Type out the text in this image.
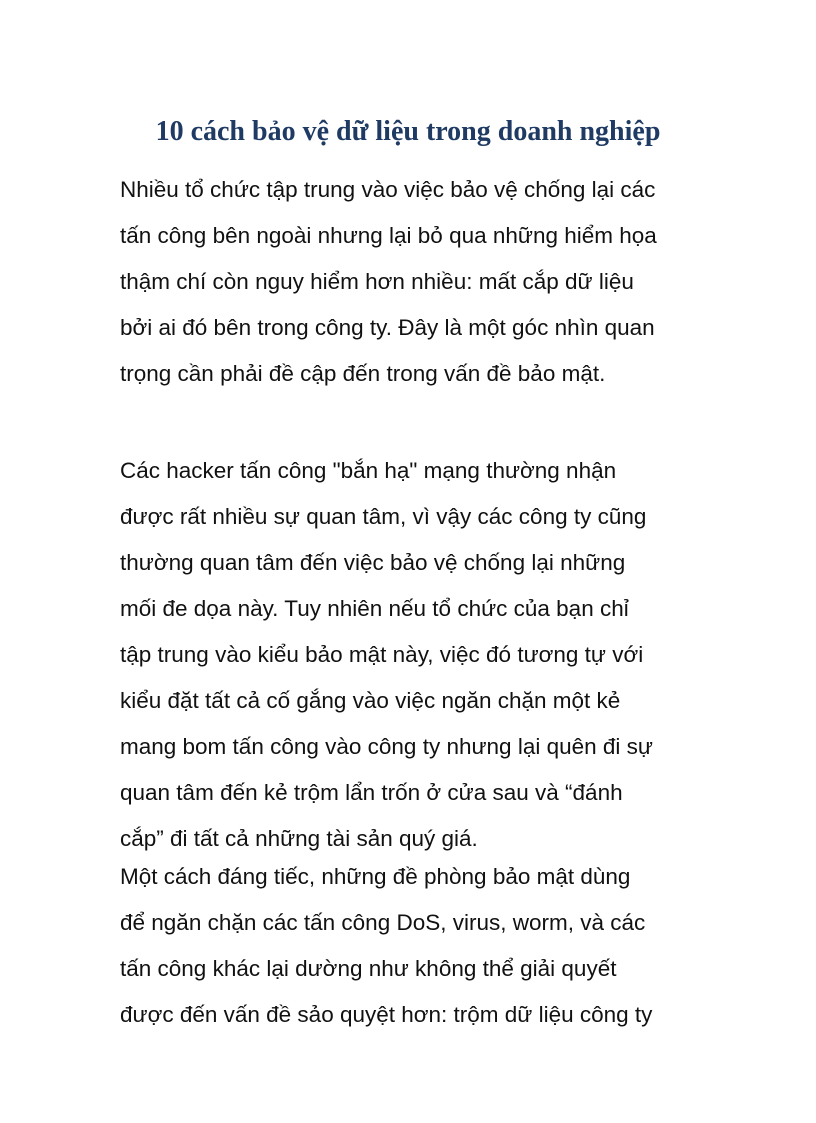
10 cách bảo vệ dữ liệu trong doanh nghiệp

Nhiều tổ chức tập trung vào việc bảo vệ chống lại các
tấn công bên ngoài nhưng lại bỏ qua những hiểm họa
thậm chí còn nguy hiểm hơn nhiều: mất cắp dữ liệu
bởi ai đó bên trong công ty. Đây là một góc nhìn quan
trọng cần phải đề cập đến trong vấn đề bảo mật.

Các hacker tấn công "bắn hạ" mạng thường nhận
được rất nhiều sự quan tâm, vì vậy các công ty cũng
thường quan tâm đến việc bảo vệ chống lại những
mối đe dọa này. Tuy nhiên nếu tổ chức của bạn chỉ
tập trung vào kiểu bảo mật này, việc đó tương tự với
kiểu đặt tất cả cố gắng vào việc ngăn chặn một kẻ
mang bom tấn công vào công ty nhưng lại quên đi sự
quan tâm đến kẻ trộm lẩn trốn ở cửa sau và “đánh
cắp” đi tất cả những tài sản quý giá.

Một cách đáng tiếc, những đề phòng bảo mật dùng
để ngăn chặn các tấn công DoS, virus, worm, và các
tấn công khác lại dường như không thể giải quyết
được đến vấn đề sảo quyệt hơn: trộm dữ liệu công ty
